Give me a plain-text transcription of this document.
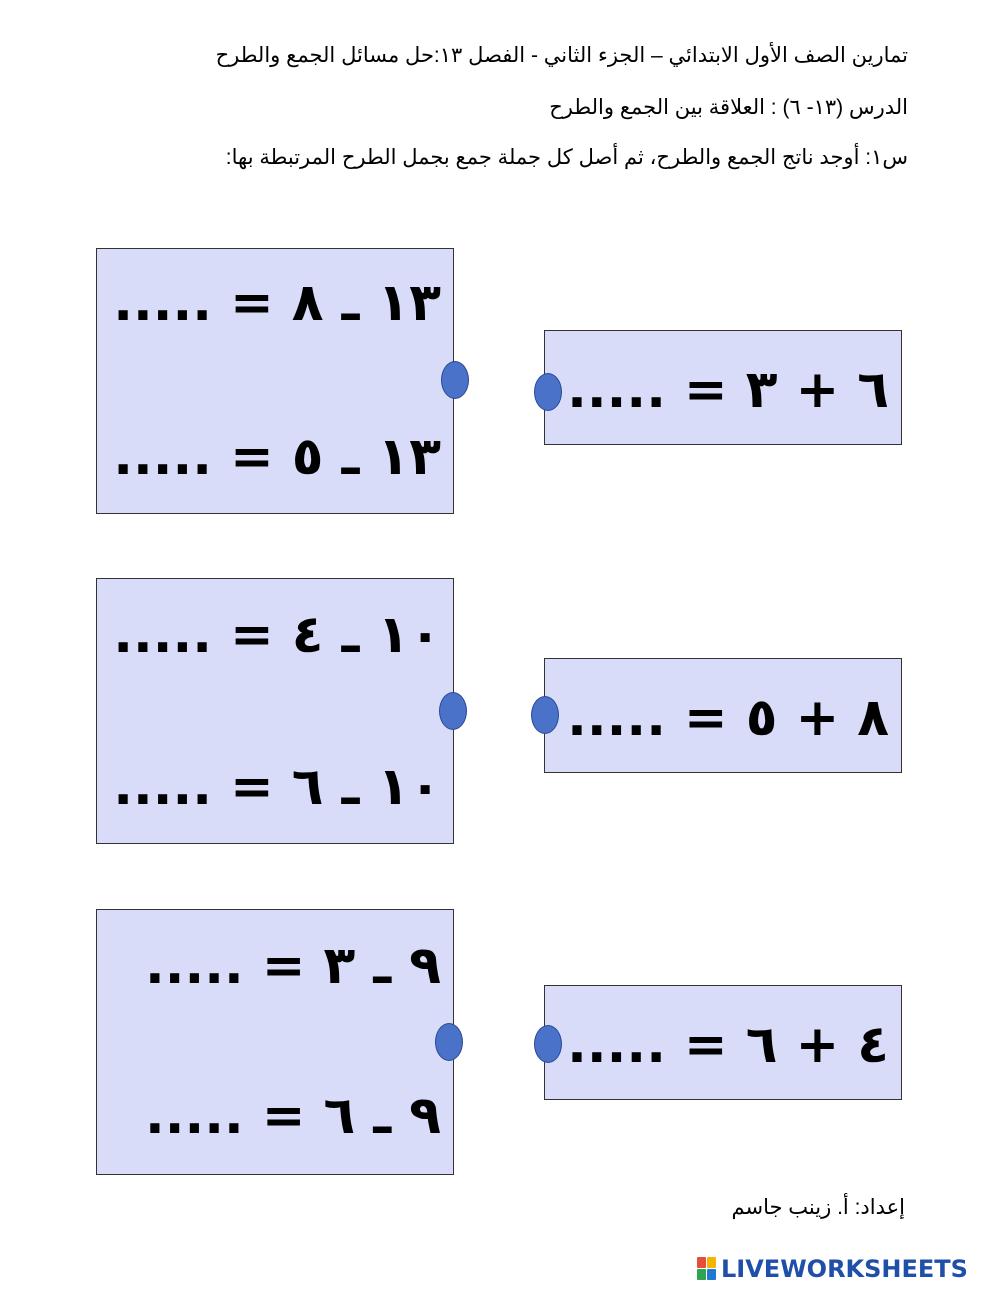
تمارين الصف الأول الابتدائي – الجزء الثاني - الفصل ١٣:حل مسائل الجمع والطرح
الدرس (١٣- ٦) : العلاقة بين الجمع والطرح
س١: أوجد ناتج الجمع والطرح، ثم أصل كل جملة جمع بجمل الطرح المرتبطة بها:
١٣ ـ ٨ = .....
١٣ ـ ٥ = .....
٦ + ٣ = .....
١٠ ـ ٤ = .....
١٠ ـ ٦ = .....
٨ + ٥ = .....
٩ ـ ٣ = .....
٩ ـ ٦ = .....
٤ + ٦ = .....
إعداد: أ. زينب جاسم
LIVEWORKSHEETS
